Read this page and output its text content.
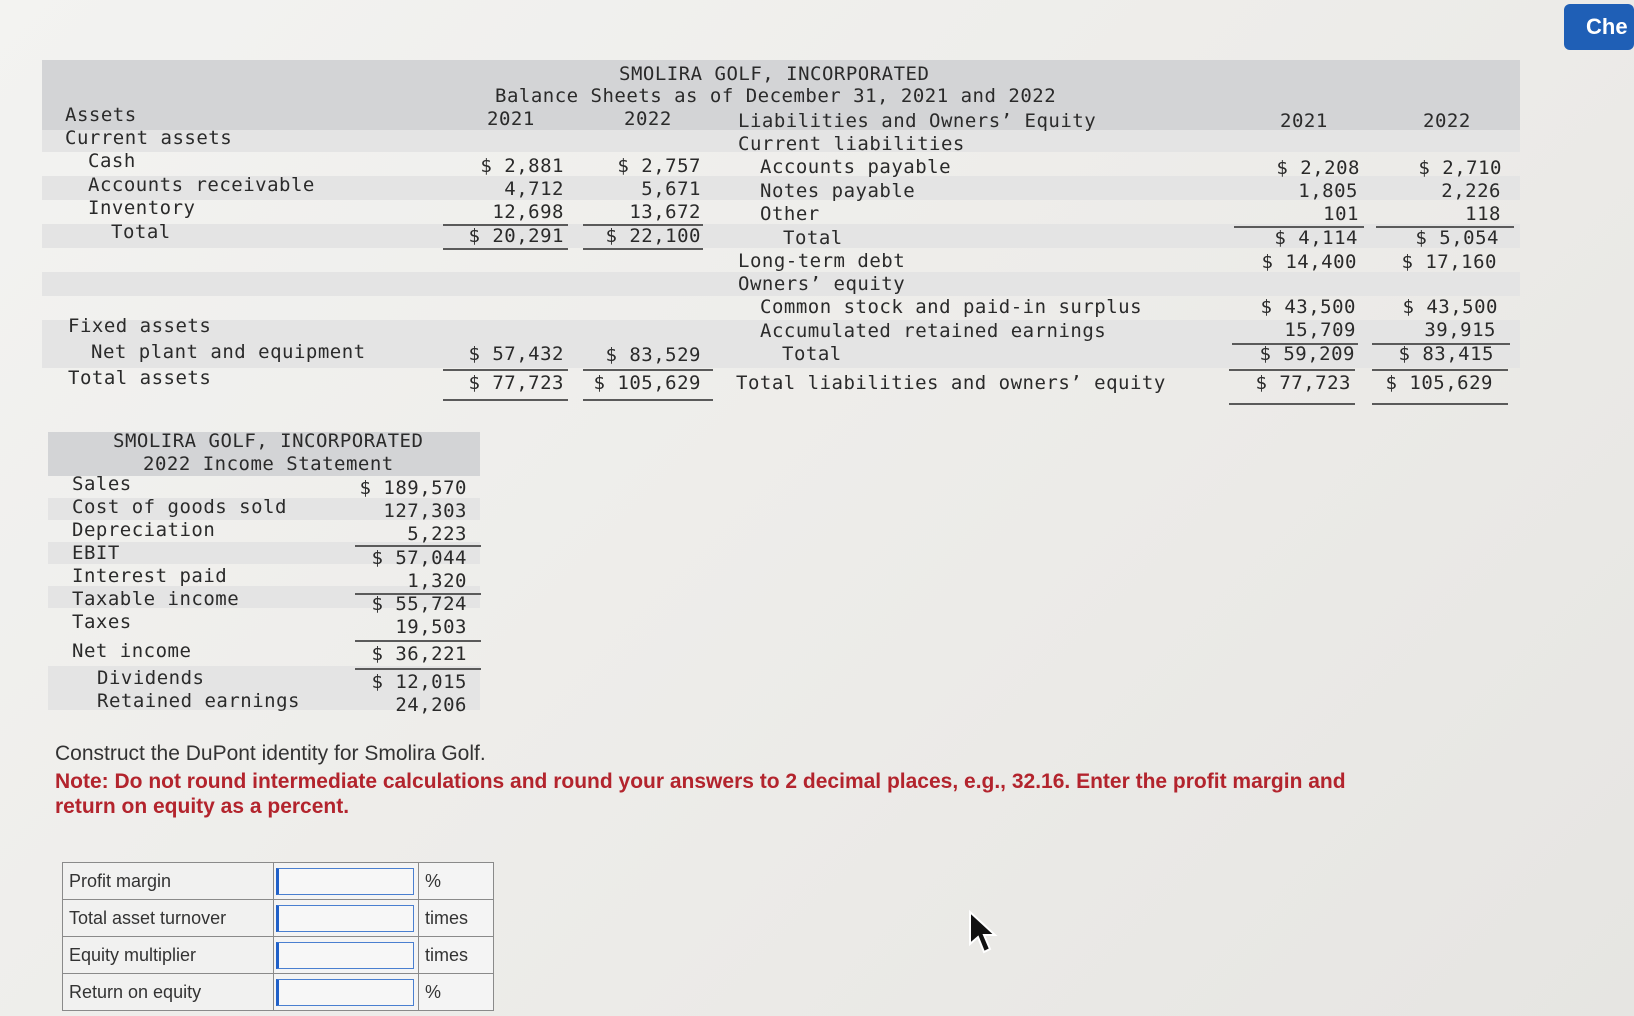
Che
SMOLIRA GOLF, INCORPORATED
Balance Sheets as of December 31, 2021 and 2022
Assets	2021	2022	Liabilities and Owners’ Equity	2021	2022
Current assets
Cash	$ 2,881	$ 2,757
Accounts receivable	4,712	5,671
Inventory	12,698	13,672
Total	$ 20,291	$ 22,100
Fixed assets
Net plant and equipment	$ 57,432	$ 83,529
Total assets	$ 77,723	$ 105,629
Current liabilities
Accounts payable	$ 2,208	$ 2,710
Notes payable	1,805	2,226
Other	101	118
Total	$ 4,114	$ 5,054
Long-term debt	$ 14,400	$ 17,160
Owners’ equity
Common stock and paid-in surplus	$ 43,500	$ 43,500
Accumulated retained earnings	15,709	39,915
Total	$ 59,209	$ 83,415
Total liabilities and owners’ equity	$ 77,723	$ 105,629
SMOLIRA GOLF, INCORPORATED
2022 Income Statement
Sales	$ 189,570
Cost of goods sold	127,303
Depreciation	5,223
EBIT	$ 57,044
Interest paid	1,320
Taxable income	$ 55,724
Taxes	19,503
Net income	$ 36,221
Dividends	$ 12,015
Retained earnings	24,206
Construct the DuPont identity for Smolira Golf.
Note: Do not round intermediate calculations and round your answers to 2 decimal places, e.g., 32.16. Enter the profit margin and
return on equity as a percent.
Profit margin		%
Total asset turnover		times
Equity multiplier		times
Return on equity		%
